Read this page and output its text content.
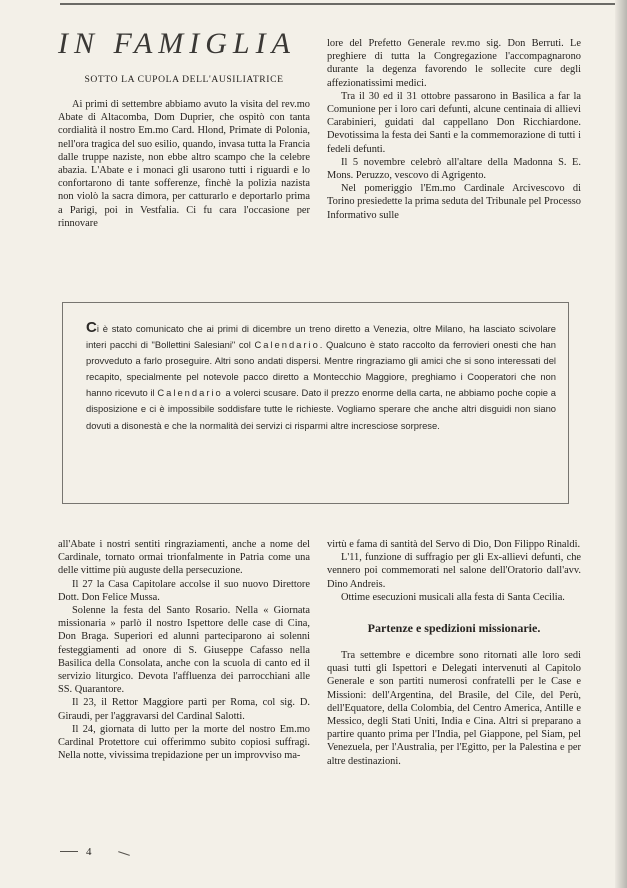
IN FAMIGLIA
SOTTO LA CUPOLA DELL'AUSILIATRICE

Ai primi di settembre abbiamo avuto la visita del rev.mo Abate di Altacomba, Dom Duprier, che ospitò con tanta cordialità il nostro Em.mo Card. Hlond, Primate di Polonia, nell'ora tragica del suo esilio, quando, invasa tutta la Francia dalle truppe naziste, non ebbe altro scampo che la celebre abazia. L'Abate e i monaci gli usarono tutti i riguardi e lo confortarono di tante sofferenze, finchè la polizia nazista non violò la sacra dimora, per catturarlo e deportarlo prima a Parigi, poi in Vestfalia. Ci fu cara l'occasione per rinnovare

lore del Prefetto Generale rev.mo sig. Don Berruti. Le preghiere di tutta la Congregazione l'accompagnarono durante la degenza favorendo le sollecite cure degli affezionatissimi medici.

Tra il 30 ed il 31 ottobre passarono in Basilica a far la Comunione per i loro cari defunti, alcune centinaia di allievi Carabinieri, guidati dal cappellano Don Ricchiardone. Devotissima la festa dei Santi e la commemorazione di tutti i fedeli defunti.

Il 5 novembre celebrò all'altare della Madonna S. E. Mons. Peruzzo, vescovo di Agrigento.

Nel pomeriggio l'Em.mo Cardinale Arcivescovo di Torino presiedette la prima seduta del Tribunale pel Processo Informativo sulle

Ci è stato comunicato che ai primi di dicembre un treno diretto a Venezia, oltre Milano, ha lasciato scivolare interi pacchi di "Bollettini Salesiani" col Calendario. Qualcuno è stato raccolto da ferrovieri onesti che han provveduto a farlo proseguire. Altri sono andati dispersi. Mentre ringraziamo gli amici che si sono interessati del recapito, specialmente pel notevole pacco diretto a Montecchio Maggiore, preghiamo i Cooperatori che non hanno ricevuto il Calendario a volerci scusare. Dato il prezzo enorme della carta, ne abbiamo poche copie a disposizione e ci è impossibile soddisfare tutte le richieste. Vogliamo sperare che anche altri disguidi non siano dovuti a disonestà e che la normalità dei servizi ci risparmi altre incresciose sorprese.

all'Abate i nostri sentiti ringraziamenti, anche a nome del Cardinale, tornato ormai trionfalmente in Patria come una delle vittime più auguste della persecuzione.

Il 27 la Casa Capitolare accolse il suo nuovo Direttore Dott. Don Felice Mussa.

Solenne la festa del Santo Rosario. Nella « Giornata missionaria » parlò il nostro Ispettore delle case di Cina, Don Braga. Superiori ed alunni parteciparono ai solenni festeggiamenti ad onore di S. Giuseppe Cafasso nella Basilica della Consolata, anche con la scuola di canto ed il servizio liturgico. Devota l'affluenza dei parrocchiani alle SS. Quarantore.

Il 23, il Rettor Maggiore partì per Roma, col sig. D. Giraudi, per l'aggravarsi del Cardinal Salotti.

Il 24, giornata di lutto per la morte del nostro Em.mo Cardinal Protettore cui offerimmo subito copiosi suffragi. Nella notte, vivissima trepidazione per un improvviso ma-

virtù e fama di santità del Servo di Dio, Don Filippo Rinaldi.

L'11, funzione di suffragio per gli Ex-allievi defunti, che vennero poi commemorati nel salone dell'Oratorio dall'avv. Dino Andreis.

Ottime esecuzioni musicali alla festa di Santa Cecilia.

Partenze e spedizioni missionarie.

Tra settembre e dicembre sono ritornati alle loro sedi quasi tutti gli Ispettori e Delegati intervenuti al Capitolo Generale e son partiti numerosi confratelli per le Case e Missioni: dell'Argentina, del Brasile, del Cile, del Perù, dell'Equatore, della Colombia, del Centro America, Antille e Messico, degli Stati Uniti, India e Cina. Altri si preparano a partire quanto prima per l'India, pel Giappone, pel Siam, pel Venezuela, per l'Australia, per l'Egitto, per la Palestina e per altre destinazioni.

4
